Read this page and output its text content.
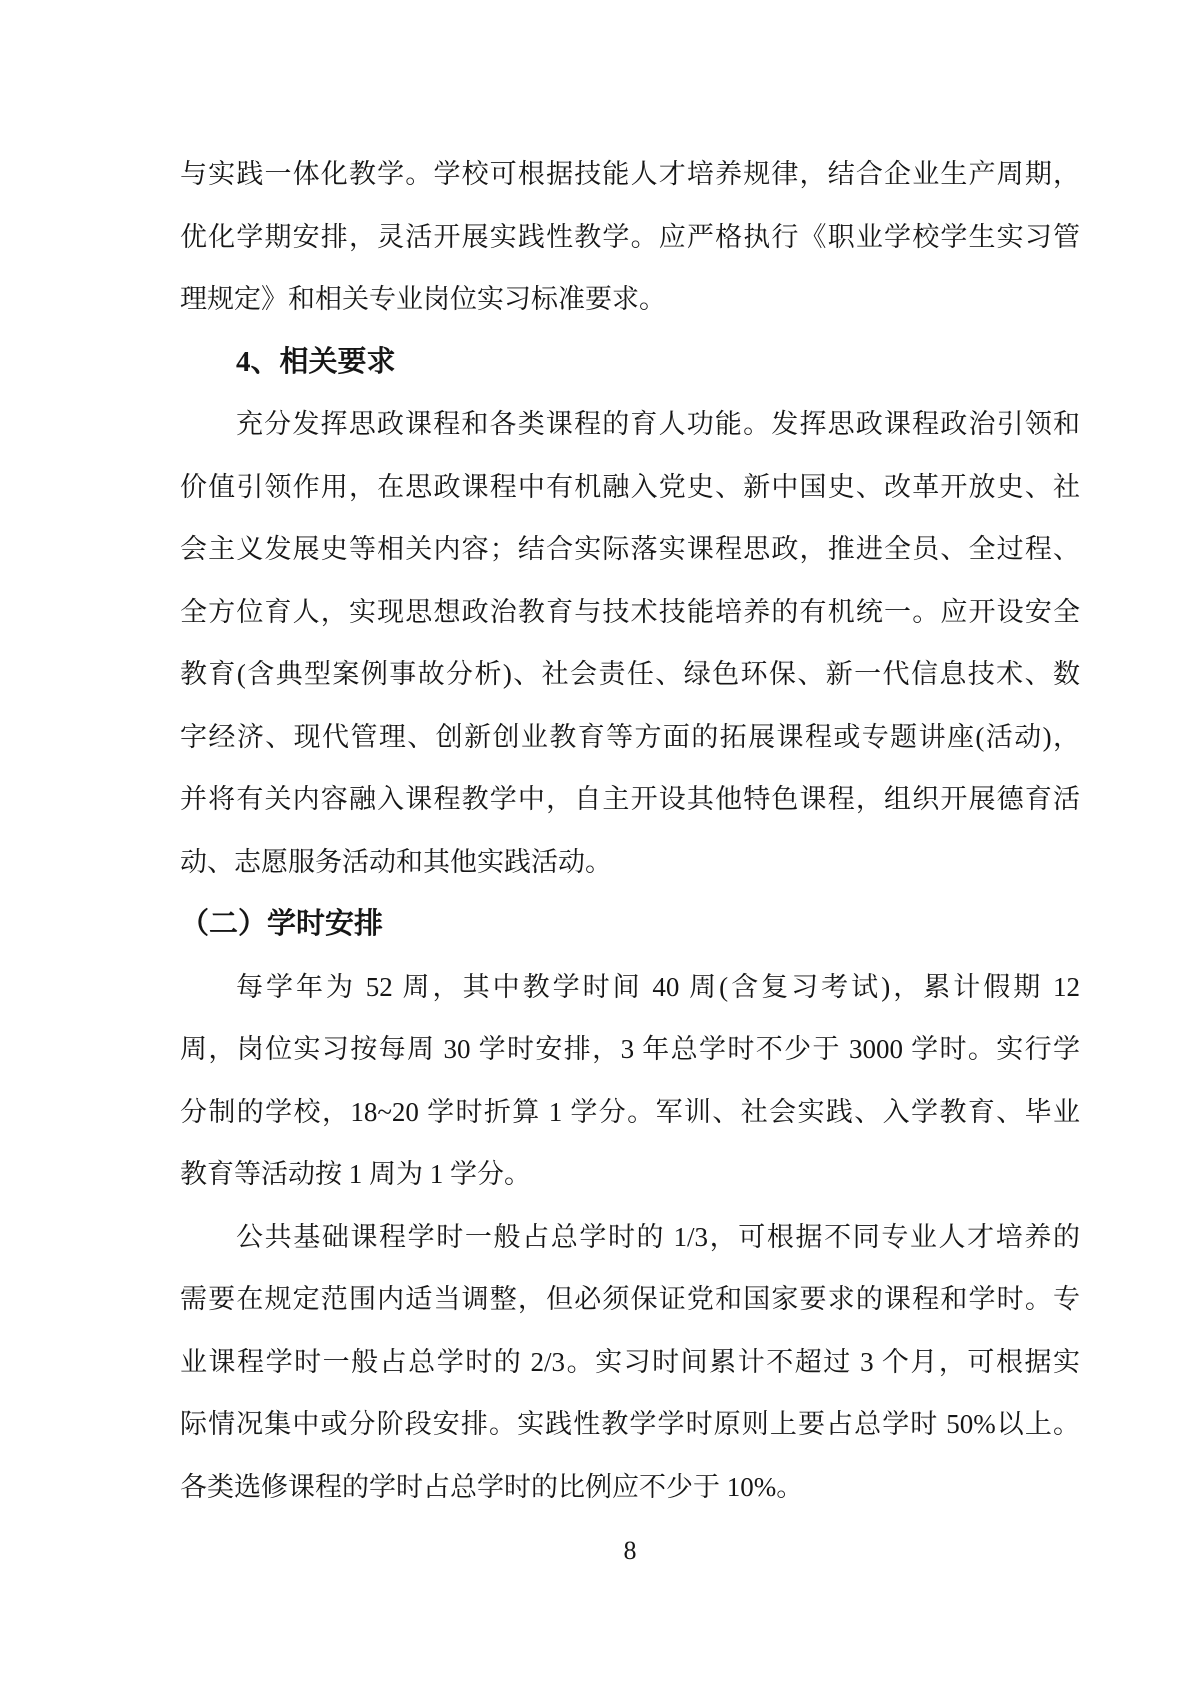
与实践一体化教学。学校可根据技能人才培养规律，结合企业生产周期，
优化学期安排，灵活开展实践性教学。应严格执行《职业学校学生实习管
理规定》和相关专业岗位实习标准要求。
4、相关要求
充分发挥思政课程和各类课程的育人功能。发挥思政课程政治引领和
价值引领作用，在思政课程中有机融入党史、新中国史、改革开放史、社
会主义发展史等相关内容；结合实际落实课程思政，推进全员、全过程、
全方位育人，实现思想政治教育与技术技能培养的有机统一。应开设安全
教育(含典型案例事故分析)、社会责任、绿色环保、新一代信息技术、数
字经济、现代管理、创新创业教育等方面的拓展课程或专题讲座(活动)，
并将有关内容融入课程教学中，自主开设其他特色课程，组织开展德育活
动、志愿服务活动和其他实践活动。
（二）学时安排
每学年为 52 周，其中教学时间 40 周(含复习考试)，累计假期 12
周，岗位实习按每周 30 学时安排，3 年总学时不少于 3000 学时。实行学
分制的学校，18~20 学时折算 1 学分。军训、社会实践、入学教育、毕业
教育等活动按 1 周为 1 学分。
公共基础课程学时一般占总学时的 1/3，可根据不同专业人才培养的
需要在规定范围内适当调整，但必须保证党和国家要求的课程和学时。专
业课程学时一般占总学时的 2/3。实习时间累计不超过 3 个月，可根据实
际情况集中或分阶段安排。实践性教学学时原则上要占总学时 50%以上。
各类选修课程的学时占总学时的比例应不少于 10%。
8
